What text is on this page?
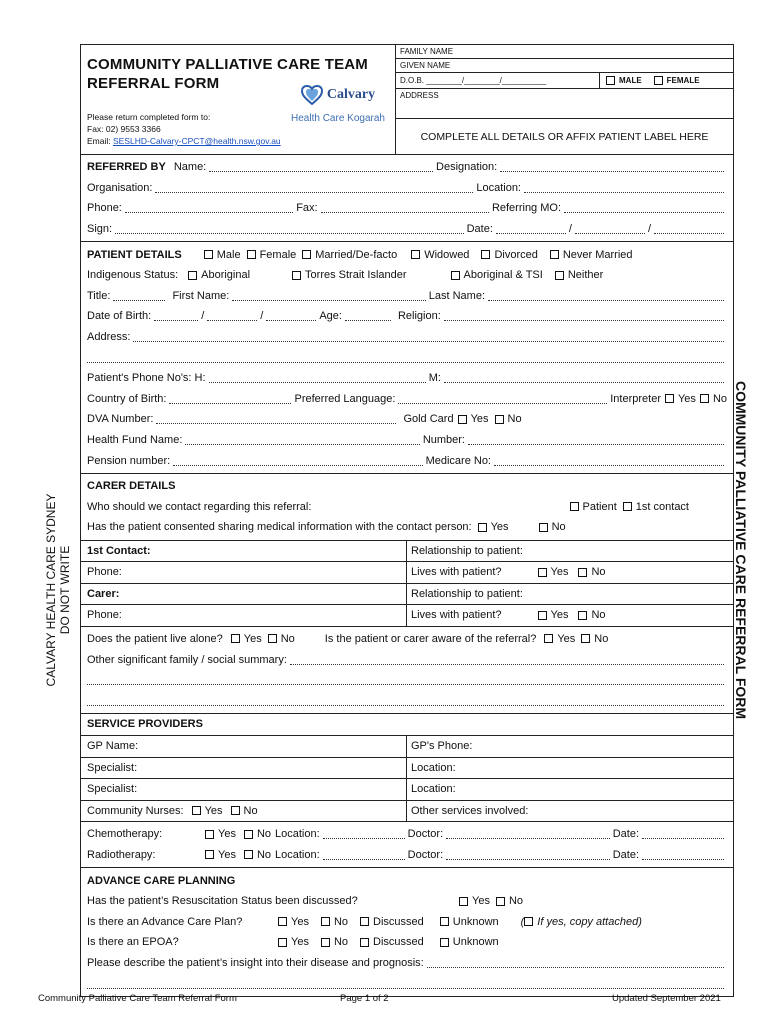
COMMUNITY PALLIATIVE CARE TEAM
REFERRAL FORM
Calvary
Health Care Kogarah
Please return completed form to:
Fax: 02) 9553 3366
Email: SESLHD-Calvary-CPCT@health.nsw.gov.au
FAMILY NAME
GIVEN NAME
D.O.B. ________/________/__________	MALE	FEMALE
ADDRESS
COMPLETE ALL DETAILS OR AFFIX PATIENT LABEL HERE
REFERRED BY Name:	Designation:
Organisation:	Location:
Phone:	Fax:	Referring MO:
Sign:	Date:	/	/
PATIENT DETAILS	Male Female Married/De-facto Widowed Divorced Never Married
Indigenous Status: Aboriginal	Torres Strait Islander	Aboriginal & TSI Neither
Title:	First Name:	Last Name:
Date of Birth:	/	/	Age:	Religion:
Address:
Patient's Phone No's: H:	M:
Country of Birth:	Preferred Language:	Interpreter Yes No
DVA Number:	Gold Card Yes No
Health Fund Name:	Number:
Pension number:	Medicare No:
CARER DETAILS
Who should we contact regarding this referral:	Patient 1st contact
Has the patient consented sharing medical information with the contact person: Yes	No
1st Contact:	Relationship to patient:
Phone:	Lives with patient?	Yes No
Carer:	Relationship to patient:
Phone:	Lives with patient?	Yes No
Does the patient live alone? Yes No	Is the patient or carer aware of the referral? Yes No
Other significant family / social summary:
SERVICE PROVIDERS
GP Name:	GP's Phone:
Specialist:	Location:
Specialist:	Location:
Community Nurses: Yes No	Other services involved:
Chemotherapy:	Yes No Location:	Doctor:	Date:
Radiotherapy:	Yes No Location:	Doctor:	Date:
ADVANCE CARE PLANNING
Has the patient’s Resuscitation Status been discussed?	Yes No
Is there an Advance Care Plan?	Yes No Discussed	Unknown ( If yes, copy attached)
Is there an EPOA?	Yes No Discussed	Unknown
Please describe the patient’s insight into their disease and prognosis:
CALVARY HEALTH CARE SYDNEY DO NOT WRITE	COMMUNITY PALLIATIVE CARE REFERRAL FORM
Community Palliative Care Team Referral Form	Page 1 of 2	Updated September 2021
